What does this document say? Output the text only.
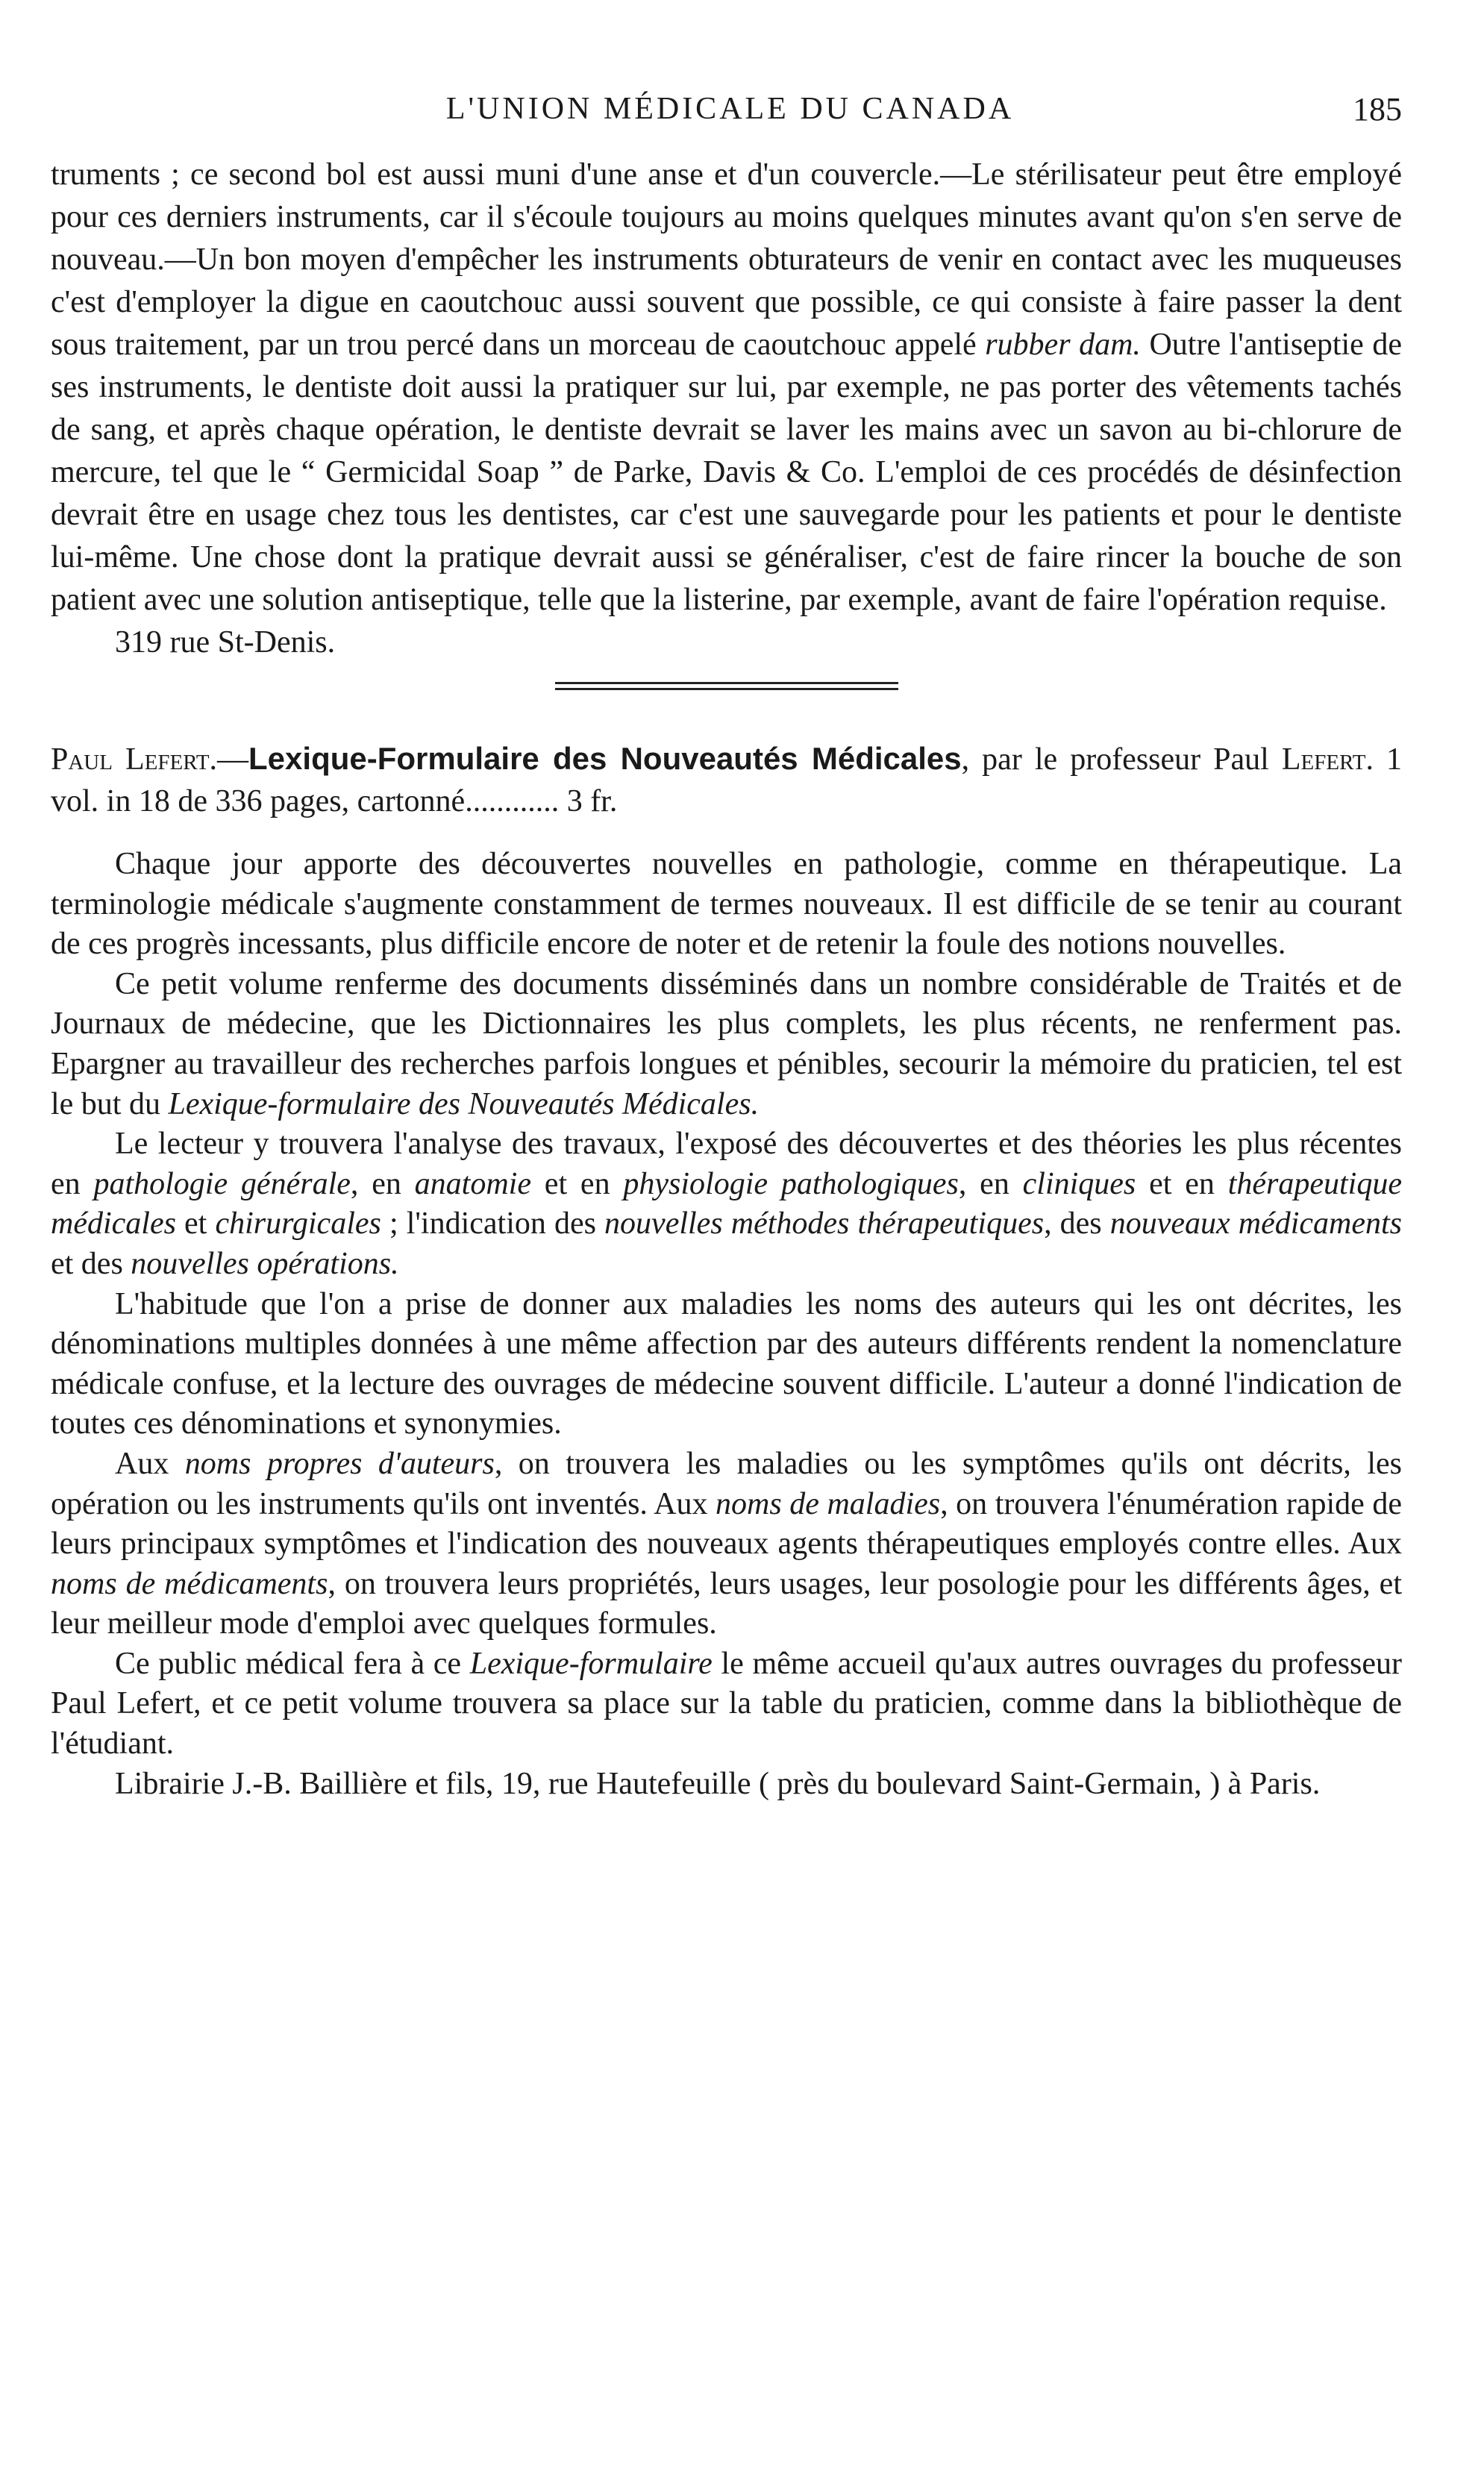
L'UNION MÉDICALE DU CANADA	185

truments ; ce second bol est aussi muni d'une anse et d'un couvercle.—Le stérilisateur peut être employé pour ces derniers instruments, car il s'écoule toujours au moins quelques minutes avant qu'on s'en serve de nouveau.—Un bon moyen d'empêcher les instruments obturateurs de venir en contact avec les muqueuses c'est d'employer la digue en caoutchouc aussi souvent que possible, ce qui consiste à faire passer la dent sous traitement, par un trou percé dans un morceau de caoutchouc appelé rubber dam. Outre l'antiseptie de ses instruments, le dentiste doit aussi la pratiquer sur lui, par exemple, ne pas porter des vêtements tachés de sang, et après chaque opération, le dentiste devrait se laver les mains avec un savon au bi-chlorure de mercure, tel que le “ Germicidal Soap ” de Parke, Davis & Co. L'emploi de ces procédés de désinfection devrait être en usage chez tous les dentistes, car c'est une sauvegarde pour les patients et pour le dentiste lui-même. Une chose dont la pratique devrait aussi se généraliser, c'est de faire rincer la bouche de son patient avec une solution antiseptique, telle que la listerine, par exemple, avant de faire l'opération requise.

319 rue St-Denis.

Paul Lefert.—Lexique-Formulaire des Nouveautés Médicales, par le professeur Paul Lefert. 1 vol. in 18 de 336 pages, cartonné............ 3 fr.

Chaque jour apporte des découvertes nouvelles en pathologie, comme en thérapeutique. La terminologie médicale s'augmente constamment de termes nouveaux. Il est difficile de se tenir au courant de ces progrès incessants, plus difficile encore de noter et de retenir la foule des notions nouvelles.

Ce petit volume renferme des documents disséminés dans un nombre considérable de Traités et de Journaux de médecine, que les Dictionnaires les plus complets, les plus récents, ne renferment pas. Epargner au travailleur des recherches parfois longues et pénibles, secourir la mémoire du praticien, tel est le but du Lexique-formulaire des Nouveautés Médicales.

Le lecteur y trouvera l'analyse des travaux, l'exposé des découvertes et des théories les plus récentes en pathologie générale, en anatomie et en physiologie pathologiques, en cliniques et en thérapeutique médicales et chirurgicales ; l'indication des nouvelles méthodes thérapeutiques, des nouveaux médicaments et des nouvelles opérations.

L'habitude que l'on a prise de donner aux maladies les noms des auteurs qui les ont décrites, les dénominations multiples données à une même affection par des auteurs différents rendent la nomenclature médicale confuse, et la lecture des ouvrages de médecine souvent difficile. L'auteur a donné l'indication de toutes ces dénominations et synonymies.

Aux noms propres d'auteurs, on trouvera les maladies ou les symptômes qu'ils ont décrits, les opération ou les instruments qu'ils ont inventés. Aux noms de maladies, on trouvera l'énumération rapide de leurs principaux symptômes et l'indication des nouveaux agents thérapeutiques employés contre elles. Aux noms de médicaments, on trouvera leurs propriétés, leurs usages, leur posologie pour les différents âges, et leur meilleur mode d'emploi avec quelques formules.

Ce public médical fera à ce Lexique-formulaire le même accueil qu'aux autres ouvrages du professeur Paul Lefert, et ce petit volume trouvera sa place sur la table du praticien, comme dans la bibliothèque de l'étudiant.

Librairie J.-B. Baillière et fils, 19, rue Hautefeuille ( près du boulevard Saint-Germain, ) à Paris.
